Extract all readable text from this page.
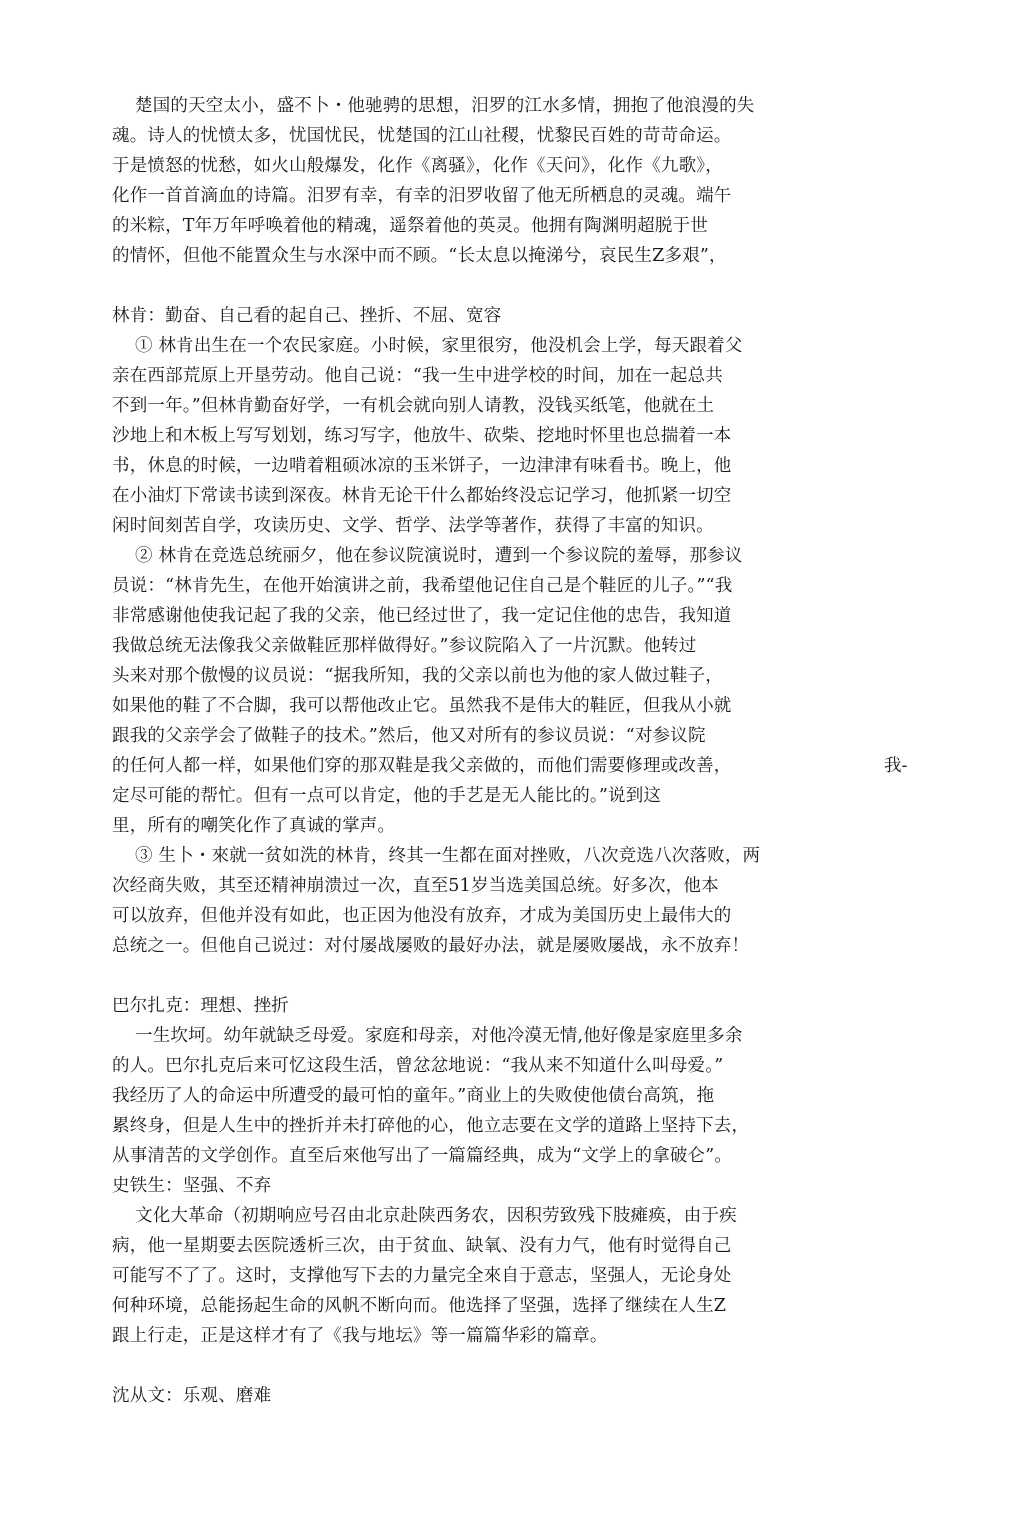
楚国的天空太小，盛不卜・他驰骋的思想，汨罗的江水多情，拥抱了他浪漫的失
魂。诗人的忧愤太多，忧国忧民，忧楚国的江山社稷，忧黎民百姓的苛苛命运。
于是愤怒的忧愁，如火山般爆发，化作《离骚》，化作《天问》，化作《九歌》，
化作一首首滴血的诗篇。汨罗有幸，有幸的汨罗收留了他无所栖息的灵魂。端午
的米粽，T年万年呼唤着他的精魂，遥祭着他的英灵。他拥有陶渊明超脱于世
的情怀，但他不能置众生与水深中而不顾。“长太息以掩涕兮，哀民生Z多艰”，
林肯：勤奋、自己看的起自己、挫折、不屈、宽容
① 林肯出生在一个农民家庭。小时候，家里很穷，他没机会上学，每天跟着父
亲在西部荒原上开垦劳动。他自己说：“我一生中进学校的时间，加在一起总共
不到一年。”但林肯勤奋好学，一有机会就向别人请教，没钱买纸笔，他就在土
沙地上和木板上写写划划，练习写字，他放牛、砍柴、挖地时怀里也总揣着一本
书，休息的时候，一边啃着粗硕冰凉的玉米饼子，一边津津有味看书。晚上，他
在小油灯下常读书读到深夜。林肯无论干什么都始终没忘记学习，他抓紧一切空
闲时间刻苦自学，攻读历史、文学、哲学、法学等著作，获得了丰富的知识。
② 林肯在竞选总统丽夕，他在参议院演说时，遭到一个参议院的羞辱，那参议
员说：“林肯先生，在他开始演讲之前，我希望他记住自己是个鞋匠的儿子。”“我
非常感谢他使我记起了我的父亲，他已经过世了，我一定记住他的忠告，我知道
我做总统无法像我父亲做鞋匠那样做得好。”参议院陷入了一片沉默。他转过
头来对那个傲慢的议员说：“据我所知，我的父亲以前也为他的家人做过鞋子，
如果他的鞋了不合脚，我可以帮他改止它。虽然我不是伟大的鞋匠，但我从小就
跟我的父亲学会了做鞋子的技术。”然后，他又对所有的参议员说：“对参议院
的任何人都一样，如果他们穿的那双鞋是我父亲做的，而他们需要修理或改善，	我-
定尽可能的帮忙。但有一点可以肯定，他的手艺是无人能比的。”说到这
里，所有的嘲笑化作了真诚的掌声。
③ 生卜・來就一贫如洗的林肯，终其一生都在面对挫败，八次竞选八次落败，两
次经商失败，其至还精神崩溃过一次，直至51岁当选美国总统。好多次，他本
可以放弃，但他并没有如此，也正因为他没有放弃，才成为美国历史上最伟大的
总统之一。但他自己说过：对付屡战屡败的最好办法，就是屡败屡战，永不放弃！
巴尔扎克：理想、挫折
一生坎坷。幼年就缺乏母爱。家庭和母亲，对他冷漠无情,他好像是家庭里多余
的人。巴尔扎克后来可忆这段生活，曾忿忿地说：“我从来不知道什么叫母爱。”
我经历了人的命运中所遭受的最可怕的童年。”商业上的失败使他债台高筑，拖
累终身，但是人生中的挫折并未打碎他的心，他立志要在文学的道路上坚持下去，
从事清苦的文学创作。直至后來他写出了一篇篇经典，成为“文学上的拿破仑”。
史铁生：坚强、不弃
文化大革命（初期响应号召由北京赴陕西务农，因积劳致残下肢瘫痪，由于疾
病，他一星期要去医院透析三次，由于贫血、缺氧、没有力气，他有时觉得自己
可能写不了了。这时，支撑他写下去的力量完全來自于意志，坚强人，无论身处
何种环境，总能扬起生命的风帆不断向而。他选择了坚强，选择了继续在人生Z
跟上行走，正是这样才有了《我与地坛》等一篇篇华彩的篇章。
沈从文：乐观、磨难
